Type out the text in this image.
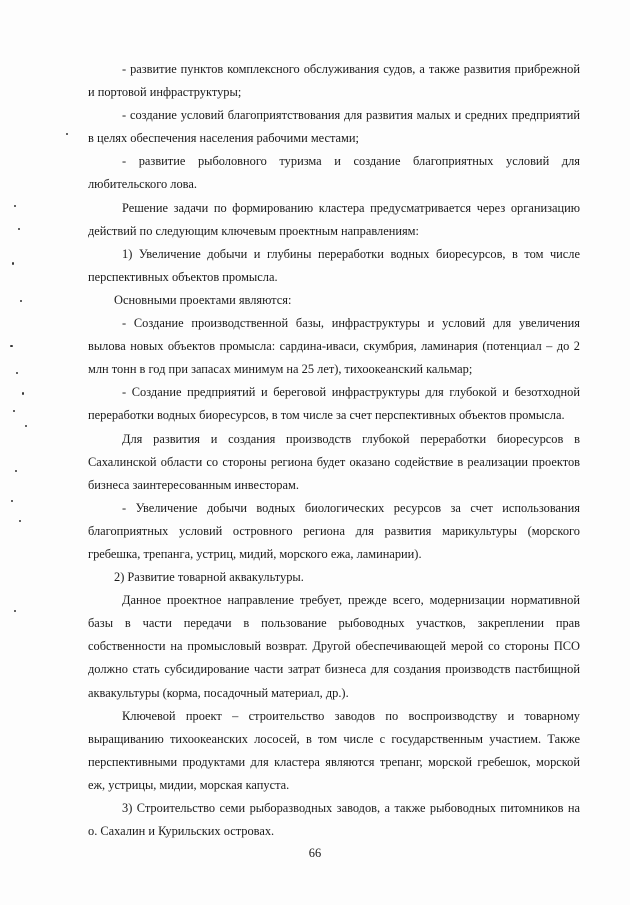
- развитие пунктов комплексного обслуживания судов, а также развития прибрежной и портовой инфраструктуры;

- создание условий благоприятствования для развития малых и средних предприятий в целях обеспечения населения рабочими местами;

- развитие рыболовного туризма и создание благоприятных условий для любительского лова.

Решение задачи по формированию кластера предусматривается через организацию действий по следующим ключевым проектным направлениям:

1) Увеличение добычи и глубины переработки водных биоресурсов, в том числе перспективных объектов промысла.

Основными проектами являются:

- Создание производственной базы, инфраструктуры и условий для увеличения вылова новых объектов промысла: сардина-иваси, скумбрия, ламинария (потенциал – до 2 млн тонн в год при запасах минимум на 25 лет), тихоокеанский кальмар;

- Создание предприятий и береговой инфраструктуры для глубокой и безотходной переработки водных биоресурсов, в том числе за счет перспективных объектов промысла.

Для развития и создания производств глубокой переработки биоресурсов в Сахалинской области со стороны региона будет оказано содействие в реализации проектов бизнеса заинтересованным инвесторам.

- Увеличение добычи водных биологических ресурсов за счет использования благоприятных условий островного региона для развития марикультуры (морского гребешка, трепанга, устриц, мидий, морского ежа, ламинарии).

2) Развитие товарной аквакультуры.

Данное проектное направление требует, прежде всего, модернизации нормативной базы в части передачи в пользование рыбоводных участков, закреплении прав собственности на промысловый возврат. Другой обеспечивающей мерой со стороны ПСО должно стать субсидирование части затрат бизнеса для создания производств пастбищной аквакультуры (корма, посадочный материал, др.).

Ключевой проект – строительство заводов по воспроизводству и товарному выращиванию тихоокеанских лососей, в том числе с государственным участием. Также перспективными продуктами для кластера являются трепанг, морской гребешок, морской еж, устрицы, мидии, морская капуста.

3) Строительство семи рыборазводных заводов, а также рыбоводных питомников на о. Сахалин и Курильских островах.

66
